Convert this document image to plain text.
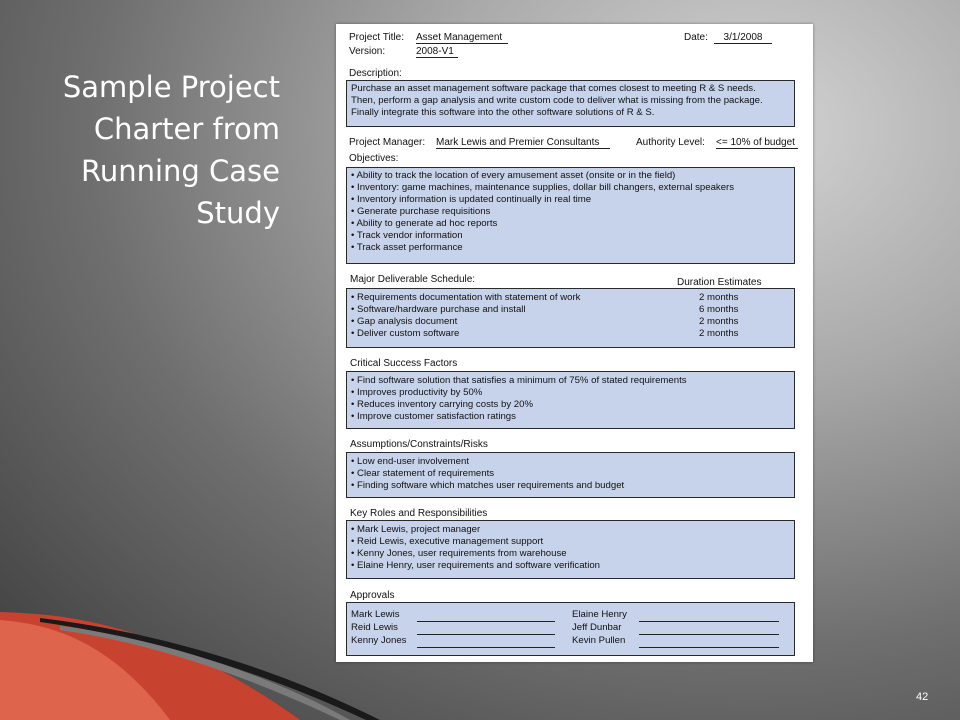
Sample Project
Charter from
Running Case
Study
42
Project Title: Asset Management	Date:	3/1/2008
Version:	2008-V1
Description:
Purchase an asset management software package that comes closest to meeting R & S needs.
Then, perform a gap analysis and write custom code to deliver what is missing from the package.
Finally integrate this software into the other software solutions of R & S.
Project Manager: Mark Lewis and Premier Consultants	Authority Level: <= 10% of budget
Objectives:
• Ability to track the location of every amusement asset (onsite or in the field)
• Inventory: game machines, maintenance supplies, dollar bill changers, external speakers
• Inventory information is updated continually in real time
• Generate purchase requisitions
• Ability to generate ad hoc reports
• Track vendor information
• Track asset performance
Major Deliverable Schedule:	Duration Estimates
• Requirements documentation with statement of work	2 months
• Software/hardware purchase and install	6 months
• Gap analysis document	2 months
• Deliver custom software	2 months
Critical Success Factors
• Find software solution that satisfies a minimum of 75% of stated requirements
• Improves productivity by 50%
• Reduces inventory carrying costs by 20%
• Improve customer satisfaction ratings
Assumptions/Constraints/Risks
• Low end-user involvement
• Clear statement of requirements
• Finding software which matches user requirements and budget
Key Roles and Responsibilities
• Mark Lewis, project manager
• Reid Lewis, executive management support
• Kenny Jones, user requirements from warehouse
• Elaine Henry, user requirements and software verification
Approvals
Mark Lewis	Elaine Henry
Reid Lewis	Jeff Dunbar
Kenny Jones	Kevin Pullen
